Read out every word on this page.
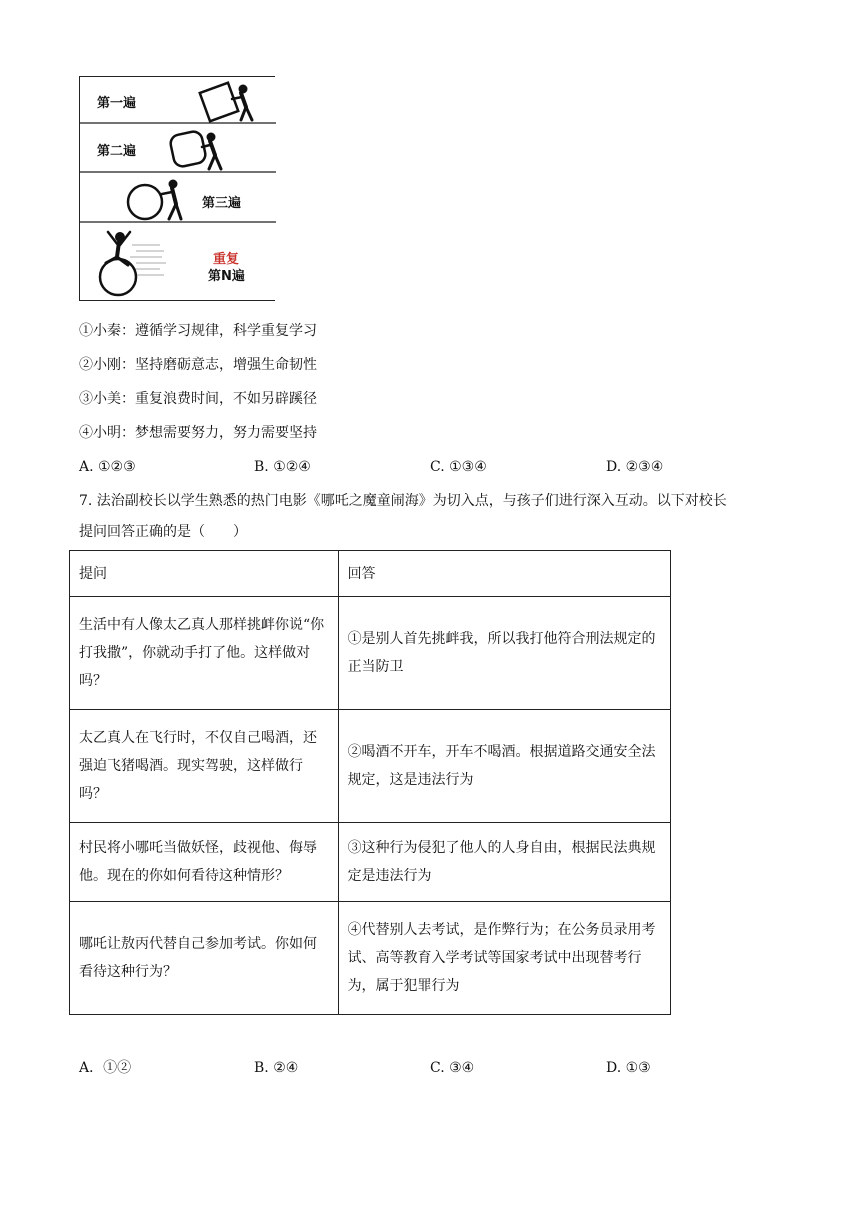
第一遍
第二遍
第三遍
重复
第N遍
①小秦：遵循学习规律，科学重复学习
②小刚：坚持磨砺意志，增强生命韧性
③小美：重复浪费时间，不如另辟蹊径
④小明：梦想需要努力，努力需要坚持
A. ①②③	B. ①②④	C. ①③④	D. ②③④
7. 法治副校长以学生熟悉的热门电影《哪吒之魔童闹海》为切入点，与孩子们进行深入互动。以下对校长
提问回答正确的是（　　）
提问	回答
生活中有人像太乙真人那样挑衅你说“你打我撒”，你就动手打了他。这样做对吗？	①是别人首先挑衅我，所以我打他符合刑法规定的正当防卫
太乙真人在飞行时，不仅自己喝酒，还强迫飞猪喝酒。现实驾驶，这样做行吗？	②喝酒不开车，开车不喝酒。根据道路交通安全法规定，这是违法行为
村民将小哪吒当做妖怪，歧视他、侮辱他。现在的你如何看待这种情形？	③这种行为侵犯了他人的人身自由，根据民法典规定是违法行为
哪吒让敖丙代替自己参加考试。你如何看待这种行为？	④代替别人去考试，是作弊行为；在公务员录用考试、高等教育入学考试等国家考试中出现替考行为，属于犯罪行为
A．①②	B. ②④	C. ③④	D. ①③
